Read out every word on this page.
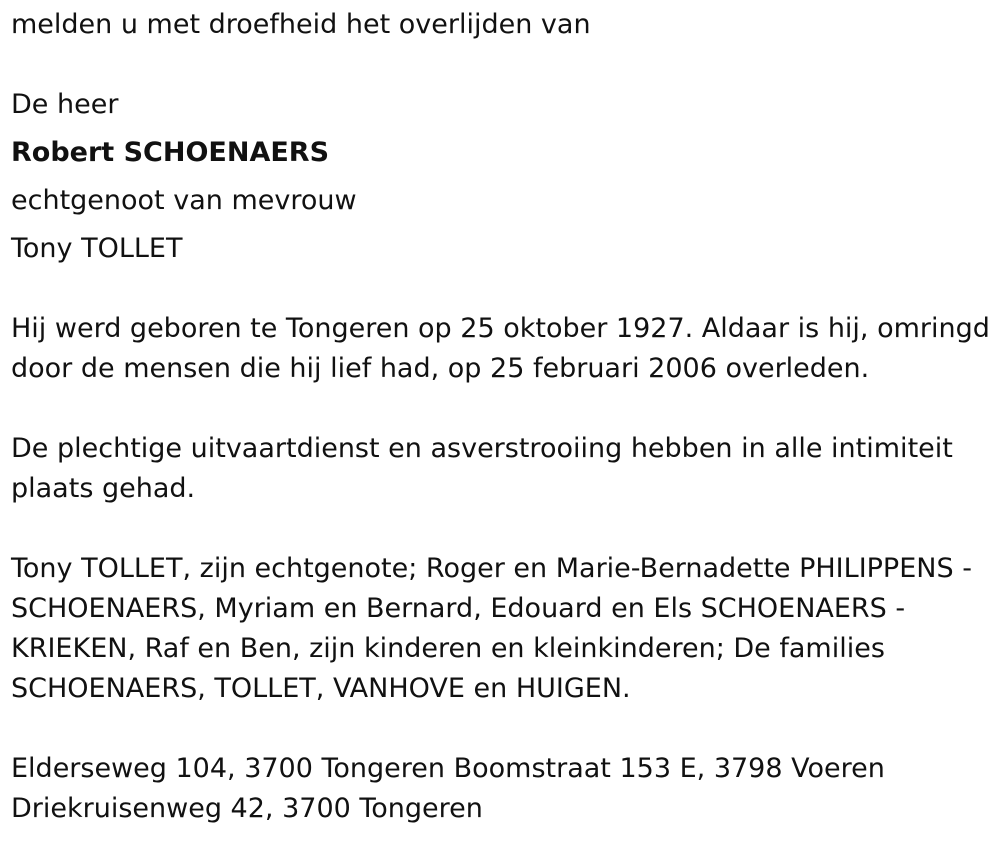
melden u met droefheid het overlijden van
De heer
Robert SCHOENAERS
echtgenoot van mevrouw
Tony TOLLET
Hij werd geboren te Tongeren op 25 oktober 1927. Aldaar is hij, omringd
door de mensen die hij lief had, op 25 februari 2006 overleden.
De plechtige uitvaartdienst en asverstrooiing hebben in alle intimiteit
plaats gehad.
Tony TOLLET, zijn echtgenote; Roger en Marie-Bernadette PHILIPPENS -
SCHOENAERS, Myriam en Bernard, Edouard en Els SCHOENAERS -
KRIEKEN, Raf en Ben, zijn kinderen en kleinkinderen; De families
SCHOENAERS, TOLLET, VANHOVE en HUIGEN.
Elderseweg 104, 3700 Tongeren Boomstraat 153 E, 3798 Voeren
Driekruisenweg 42, 3700 Tongeren
